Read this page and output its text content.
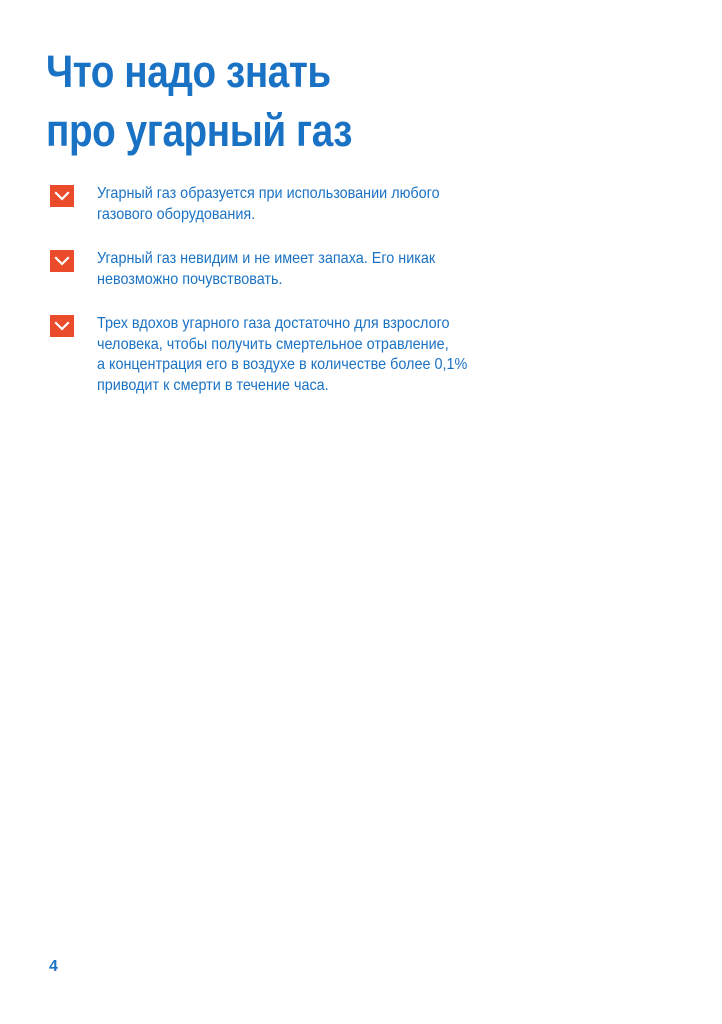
Что надо знать
про угарный газ
Угарный газ образуется при использовании любого
газового оборудования.
Угарный газ невидим и не имеет запаха. Его никак
невозможно почувствовать.
Трех вдохов угарного газа достаточно для взрослого
человека, чтобы получить смертельное отравление,
а концентрация его в воздухе в количестве более 0,1%
приводит к смерти в течение часа.
4
